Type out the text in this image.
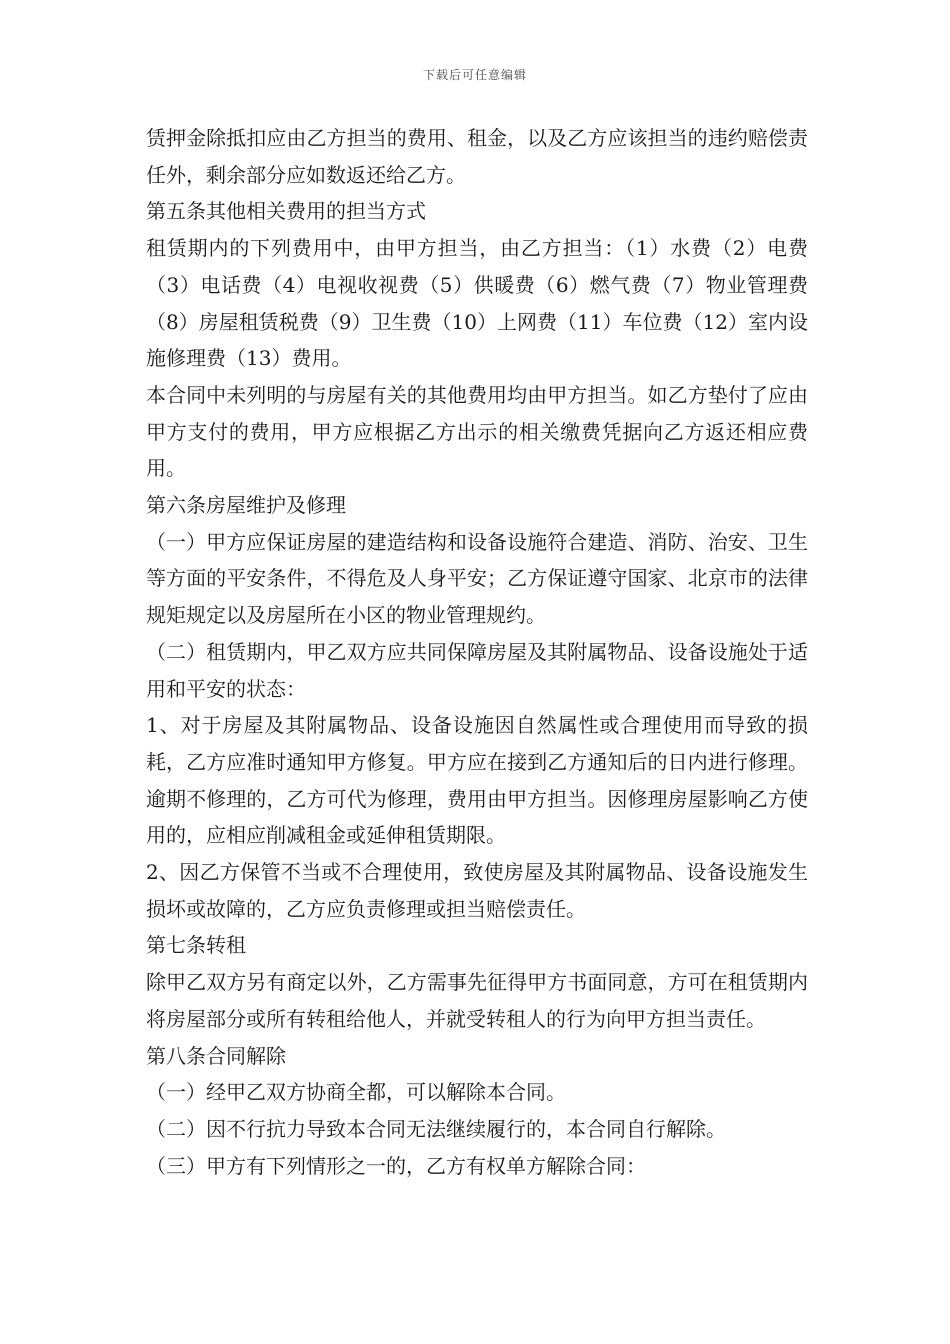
下载后可任意编辑

赁押金除抵扣应由乙方担当的费用、租金，以及乙方应该担当的违约赔偿责任外，剩余部分应如数返还给乙方。

第五条其他相关费用的担当方式

租赁期内的下列费用中，由甲方担当，由乙方担当：（1）水费（2）电费（3）电话费（4）电视收视费（5）供暖费（6）燃气费（7）物业管理费（8）房屋租赁税费（9）卫生费（10）上网费（11）车位费（12）室内设施修理费（13）费用。

本合同中未列明的与房屋有关的其他费用均由甲方担当。如乙方垫付了应由甲方支付的费用，甲方应根据乙方出示的相关缴费凭据向乙方返还相应费用。

第六条房屋维护及修理

（一）甲方应保证房屋的建造结构和设备设施符合建造、消防、治安、卫生等方面的平安条件，不得危及人身平安；乙方保证遵守国家、北京市的法律规矩规定以及房屋所在小区的物业管理规约。

（二）租赁期内，甲乙双方应共同保障房屋及其附属物品、设备设施处于适用和平安的状态：

1、对于房屋及其附属物品、设备设施因自然属性或合理使用而导致的损耗，乙方应准时通知甲方修复。甲方应在接到乙方通知后的日内进行修理。逾期不修理的，乙方可代为修理，费用由甲方担当。因修理房屋影响乙方使用的，应相应削减租金或延伸租赁期限。

2、因乙方保管不当或不合理使用，致使房屋及其附属物品、设备设施发生损坏或故障的，乙方应负责修理或担当赔偿责任。

第七条转租

除甲乙双方另有商定以外，乙方需事先征得甲方书面同意，方可在租赁期内将房屋部分或所有转租给他人，并就受转租人的行为向甲方担当责任。

第八条合同解除

（一）经甲乙双方协商全都，可以解除本合同。

（二）因不行抗力导致本合同无法继续履行的，本合同自行解除。

（三）甲方有下列情形之一的，乙方有权单方解除合同：
